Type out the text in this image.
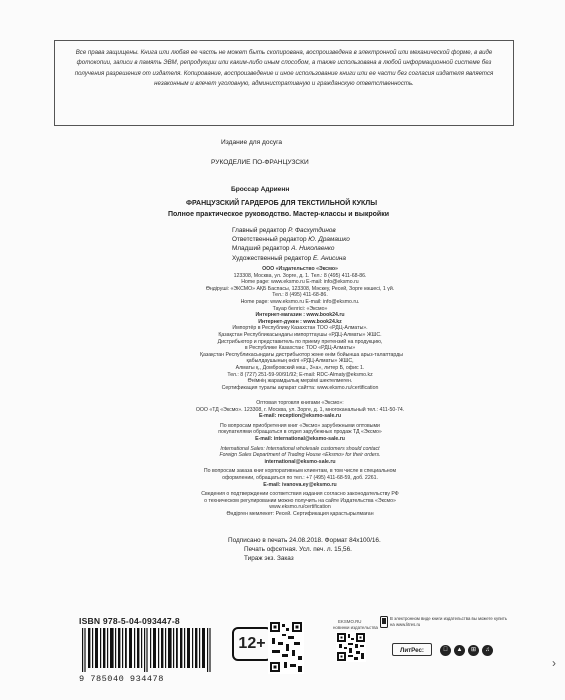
Все права защищены. Книга или любая ее часть не может быть скопирована, воспроизведена в электронной или механической форме, в виде фотокопии, записи в память ЭВМ, репродукции или каким-либо иным способом, а также использована в любой информационной системе без получения разрешения от издателя. Копирование, воспроизведение и иное использование книги или ее части без согласия издателя является незаконным и влечет уголовную, административную и гражданскую ответственность.

Издание для досуга
РУКОДЕЛИЕ ПО-ФРАНЦУЗСКИ
Броссар Адриенн
ФРАНЦУЗСКИЙ ГАРДЕРОБ ДЛЯ ТЕКСТИЛЬНОЙ КУКЛЫ
Полное практическое руководство. Мастер-классы и выкройки
Главный редактор Р. Фасхутдинов
Ответственный редактор Ю. Драмашко
Младший редактор А. Николаенко
Художественный редактор Е. Анисина
ООО «Издательство «Эксмо»
123308, Москва, ул. Зорге, д. 1. Тел.: 8 (495) 411-68-86.
Home page: www.eksmo.ru E-mail: info@eksmo.ru
Өндіруші: «ЭКСМО» АҚБ Баспасы, 123308, Мәскеу, Ресей, Зорге көшесі, 1 үй.
Тел.: 8 (495) 411-68-86.
Home page: www.eksmo.ru E-mail: info@eksmo.ru.
Тауар белгісі: «Эксмо»
Интернет-магазин : www.book24.ru
Интернет-дүкен : www.book24.kz
Импортёр в Республику Казахстан ТОО «РДЦ-Алматы».
Қазақстан Республикасындағы импорттаушы «РДЦ-Алматы» ЖШС.
Дистрибьютор и представитель по приему претензий на продукцию,
в Республике Казахстан: ТОО «РДЦ-Алматы»
Қазақстан Республикасындағы дистрибьютор және өнім бойынша арыз-талаптарды
қабылдаушының өкілі «РДЦ-Алматы» ЖШС,
Алматы қ., Домбровский көш., 3«а», литер Б, офис 1.
Тел.: 8 (727) 251-59-90/91/92; E-mail: RDC-Almaty@eksmo.kz
Өнімнің жарамдылық мерзімі шектелмеген.
Сертификация туралы ақпарат сайтта: www.eksmo.ru/certification
Оптовая торговля книгами «Эксмо»:
ООО «ТД «Эксмо». 123308, г. Москва, ул. Зорге, д. 1, многоканальный тел.: 411-50-74.
E-mail: reception@eksmo-sale.ru
По вопросам приобретения книг «Эксмо» зарубежными оптовыми
покупателями обращаться в отдел зарубежных продаж ТД «Эксмо»
E-mail: international@eksmo-sale.ru
International Sales: International wholesale customers should contact
Foreign Sales Department of Trading House «Eksmo» for their orders.
international@eksmo-sale.ru
По вопросам заказа книг корпоративным клиентам, в том числе в специальном
оформлении, обращаться по тел.: +7 (495) 411-68-59, доб. 2261.
E-mail: ivanova.ey@eksmo.ru
Сведения о подтверждении соответствия издания согласно законодательству РФ
о техническом регулировании можно получить на сайте Издательства «Эксмо»
www.eksmo.ru/certification
Өндірген мемлекет: Ресей. Сертификация қарастырылмаған
Подписано в печать 24.08.2018. Формат 84x100/16.
Печать офсетная. Усл. печ. л. 15,56.
Тираж экз. Заказ
ISBN 978-5-04-093447-8
9 785040 934478
12+
EKSMO.RU
новинки издательства
В электронном виде книги издательства вы можете купить на www.litres.ru
ЛитРес:	▲	⊞	♫
›
